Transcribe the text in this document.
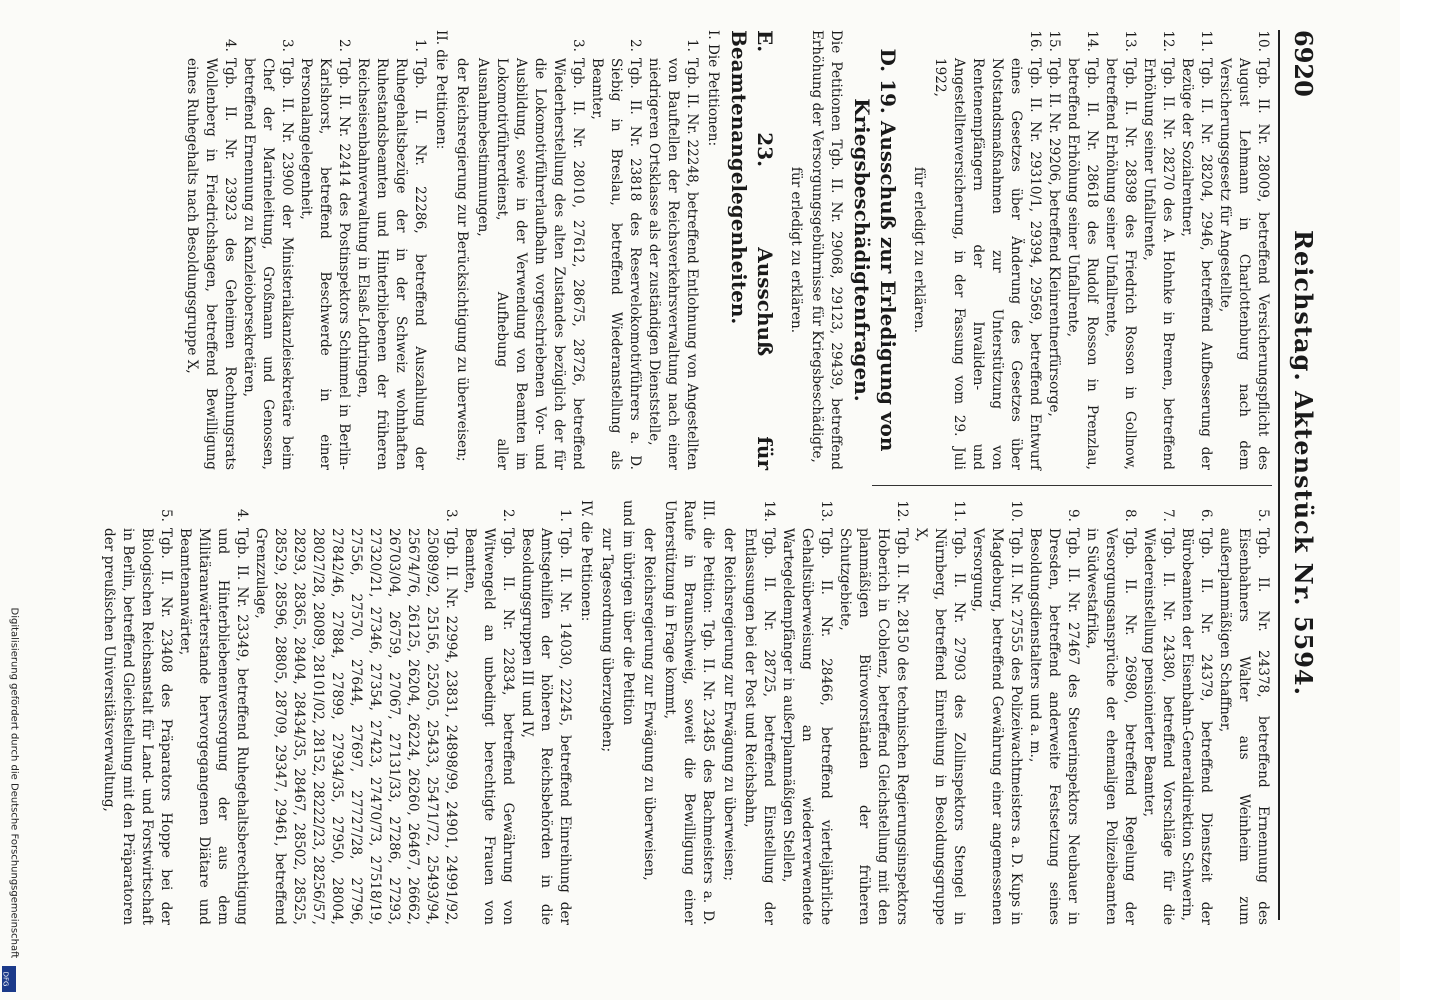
6920
Reichstag. Aktenstück Nr. 5594.
10.
Tgb. II. Nr. 28009, betreffend Versicherungspflicht des August Lehmann in Charlottenburg nach dem Versicherungsgesetz für Angestellte,
11.
Tgb. II. Nr. 28204, 2946, betreffend Aufbesserung der Bezüge der Sozialrentner,
12.
Tgb. II. Nr. 28270 des A. Hohnke in Bremen, betreffend Erhöhung seiner Unfallrente,
13.
Tgb. II. Nr. 28398 des Friedrich Rosson in Gollnow, betreffend Erhöhung seiner Unfallrente,
14.
Tgb. II. Nr. 28618 des Rudolf Rosson in Prenzlau, betreffend Erhöhung seiner Unfallrente,
15.
Tgb. II. Nr. 29206, betreffend Kleinrentnerfürsorge,
16.
Tgb. II. Nr. 29310/1, 29394, 29569, betreffend Entwurf eines Gesetzes über Änderung des Gesetzes über Notstandsmaßnahmen zur Unterstützung von Rentenempfängern der Invaliden- und Angestelltenversicherung, in der Fassung vom 29. Juli 1922,

für erledigt zu erklären.

D. 19. Ausschuß zur Erledigung von Kriegsbeschädigtenfragen.

Die Petitionen Tgb. II. Nr. 29068, 29123, 29439, betreffend Erhöhung der Versorgungsgebührnisse für Kriegsbeschädigte,

für erledigt zu erklären.

E. 23. Ausschuß für Beamtenangelegenheiten.

I. Die Petitionen:

1.
Tgb. II. Nr. 22248, betreffend Entlohnung von Angestellten von Bauftellen der Reichsverkehrsverwaltung nach einer niedrigeren Ortsklasse als der zuständigen Dienststelle,
2.
Tgb. II. Nr. 23818 des Reservelokomotivführers a. D. Siebig in Breslau, betreffend Wiederanstellung als Beamter,
3.
Tgb. II. Nr. 28010, 27612, 28675, 28726, betreffend Wiederherstellung des alten Zustandes bezüglich der für die Lokomotivführerlaufbahn vorgeschriebenen Vor- und Ausbildung, sowie in der Verwendung von Beamten im Lokomotivführerdienst, Aufhebung aller Ausnahmebestimmungen,

der Reichsregierung zur Berücksichtigung zu überweisen;

II. die Petitionen:

1.
Tgb. II. Nr. 22286, betreffend Auszahlung der Ruhegehaltsbezüge der in der Schweiz wohnhaften Ruhestandsbeamten und Hinterbliebenen der früheren Reichseisenbahnverwaltung in Elsaß-Lothringen,
2.
Tgb. II. Nr. 22414 des Postinspektors Schimmel in Berlin-Karlshorst, betreffend Beschwerde in einer Personalangelegenheit,
3.
Tgb. II. Nr. 23900 der Ministerialkanzleisekretäre beim Chef der Marineleitung, Großmann und Genossen, betreffend Ernennung zu Kanzleiobersekretären,
4.
Tgb. II. Nr. 23923 des Geheimen Rechnungsrats Wollenberg in Friedrichshagen, betreffend Bewilligung eines Ruhegehalts nach Besoldungsgruppe X,
5.
Tgb. II. Nr. 24378, betreffend Ernennung des Eisenbahners Walter aus Weinheim zum außerplanmäßigen Schaffner,
6.
Tgb. II. Nr. 24379, betreffend Dienstzeit der Bürobeamten der Eisenbahn-Generaldirektion Schwerin,
7.
Tgb. II. Nr. 24380, betreffend Vorschläge für die Wiedereinstellung pensionierter Beamter,
8.
Tgb. II. Nr. 26980, betreffend Regelung der Versorgungsansprüche der ehemaligen Polizeibeamten in Südwestafrika,
9.
Tgb. II. Nr. 27467 des Steuerinspektors Neubauer in Dresden, betreffend anderweite Festsetzung seines Besoldungsdienstalters und a. m.,
10.
Tgb. II. Nr. 27555 des Polizeiwachtmeisters a. D. Kups in Magdeburg, betreffend Gewährung einer angemessenen Versorgung,
11.
Tgb. II. Nr. 27903 des Zollinspektors Stengel in Nürnberg, betreffend Einreihung in Besoldungsgruppe X,
12.
Tgb. II. Nr. 28150 des technischen Regierungsinspektors Hoberich in Coblenz, betreffend Gleichstellung mit den planmäßigen Büroworständen der früheren Schutzgebiete,
13.
Tgb. II. Nr. 28466, betreffend vierteljährliche Gehaltsüberweisung an wiederverwendete Wartegeldempfänger in außerplanmäßigen Stellen,
14.
Tgb. II. Nr. 28725, betreffend Einstellung der Entlassungen bei der Post und Reichsbahn,

der Reichsregierung zur Erwägung zu überweisen;

III. die Petition: Tgb. II. Nr. 23485 des Bachmeisters a. D. Raufe in Braunschweig, soweit die Bewilligung einer Unterstützung in Frage kommt,

der Reichsregierung zur Erwägung zu überweisen,

und im übrigen über die Petition

zur Tagesordnung überzugehen;

IV. die Petitionen:

1.
Tgb. II. Nr. 14030, 22245, betreffend Einreihung der Amtsgehilfen der höheren Reichsbehörden in die Besoldungsgruppen III und IV,
2.
Tgb. II. Nr. 22834, betreffend Gewährung von Witwengeld an unbedingt berechtigte Frauen von Beamten,
3.
Tgb. II. Nr. 22994, 23831, 24898/99, 24901, 24991/92, 25089/92, 25156, 25205, 25433, 25471/72, 25493/94, 25674/76, 26125, 26204, 26224, 26260, 26467, 26662, 26703/04, 26759, 27067, 27131/33, 27286, 27293, 27320/21, 27346, 27354, 27423, 27470/73, 27518/19, 27556, 27570, 27644, 27697, 27727/28, 27796, 27842/46, 27884, 27899, 27934/35, 27950, 28004, 28027/28, 28089, 28101/02, 28152, 28222/23, 28256/57, 28293, 28365, 28404, 28434/35, 28467, 28502, 28525, 28529, 28596, 28805, 28709, 29347, 29461, betreffend Grenzzulage,
4.
Tgb. II. Nr. 23349, betreffend Ruhegehaltsberechtigung und Hinterbliebenenversorgung der aus dem Militäranwärterstande hervorgegangenen Diätare und Beamtenanwärter,
5.
Tgb. II. Nr. 23408 des Präparators Hoppe bei der Biologischen Reichsanstalt für Land- und Forstwirtschaft in Berlin, betreffend Gleichstellung mit den Präparatoren der preußischen Universitätsverwaltung,
Digitalisierung gefördert durch die Deutsche Forschungsgemeinschaft
DFG
